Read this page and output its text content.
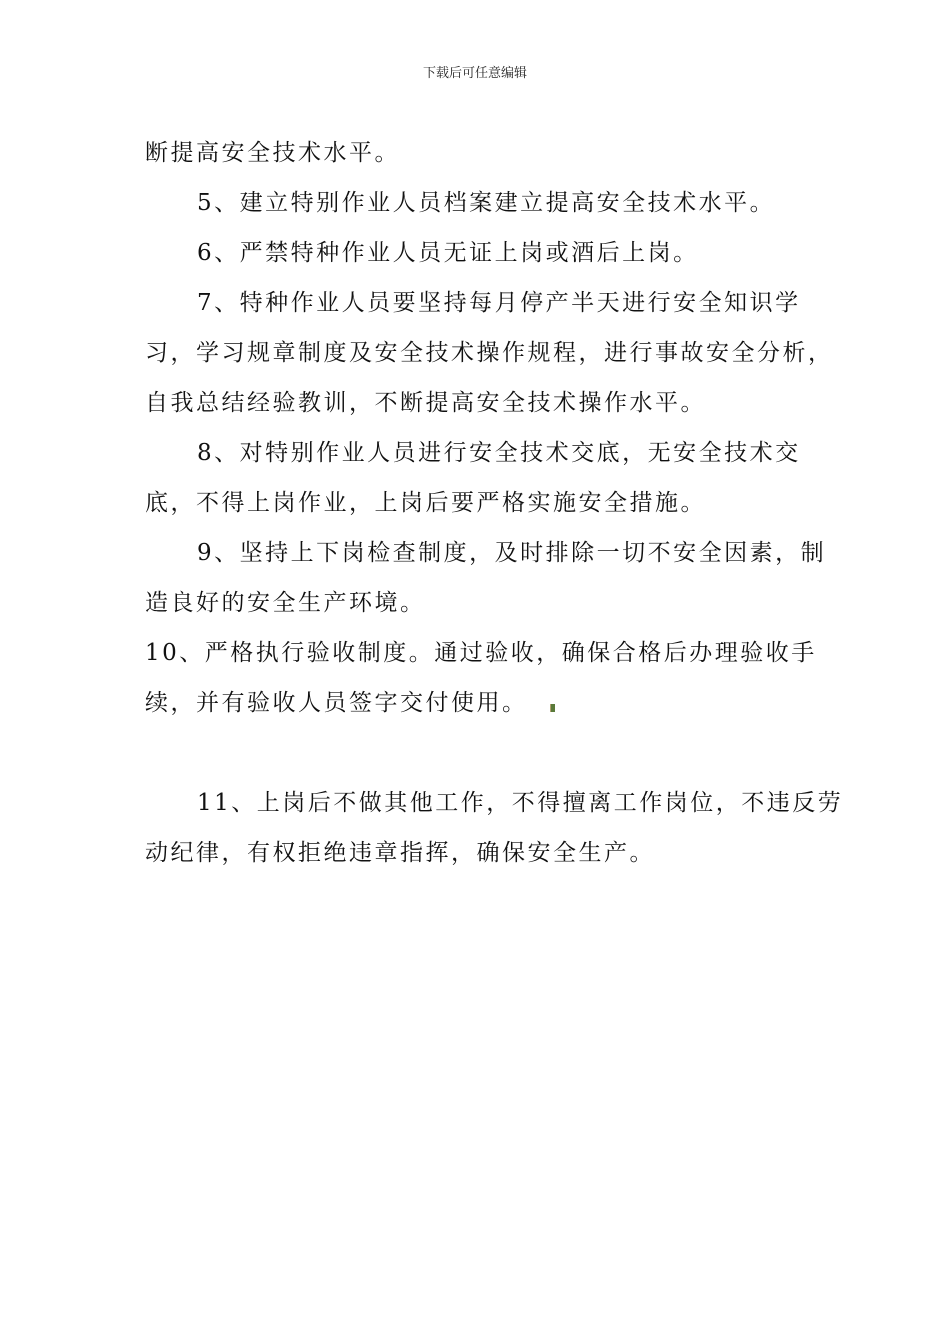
下载后可任意编辑

断提高安全技术水平。

5、建立特别作业人员档案建立提高安全技术水平。

6、严禁特种作业人员无证上岗或酒后上岗。

7、特种作业人员要坚持每月停产半天进行安全知识学习，学习规章制度及安全技术操作规程，进行事故安全分析，自我总结经验教训，不断提高安全技术操作水平。

8、对特别作业人员进行安全技术交底，无安全技术交底，不得上岗作业，上岗后要严格实施安全措施。

9、坚持上下岗检查制度，及时排除一切不安全因素，制造良好的安全生产环境。

10、严格执行验收制度。通过验收，确保合格后办理验收手续，并有验收人员签字交付使用。

11、上岗后不做其他工作，不得擅离工作岗位，不违反劳动纪律，有权拒绝违章指挥，确保安全生产。
